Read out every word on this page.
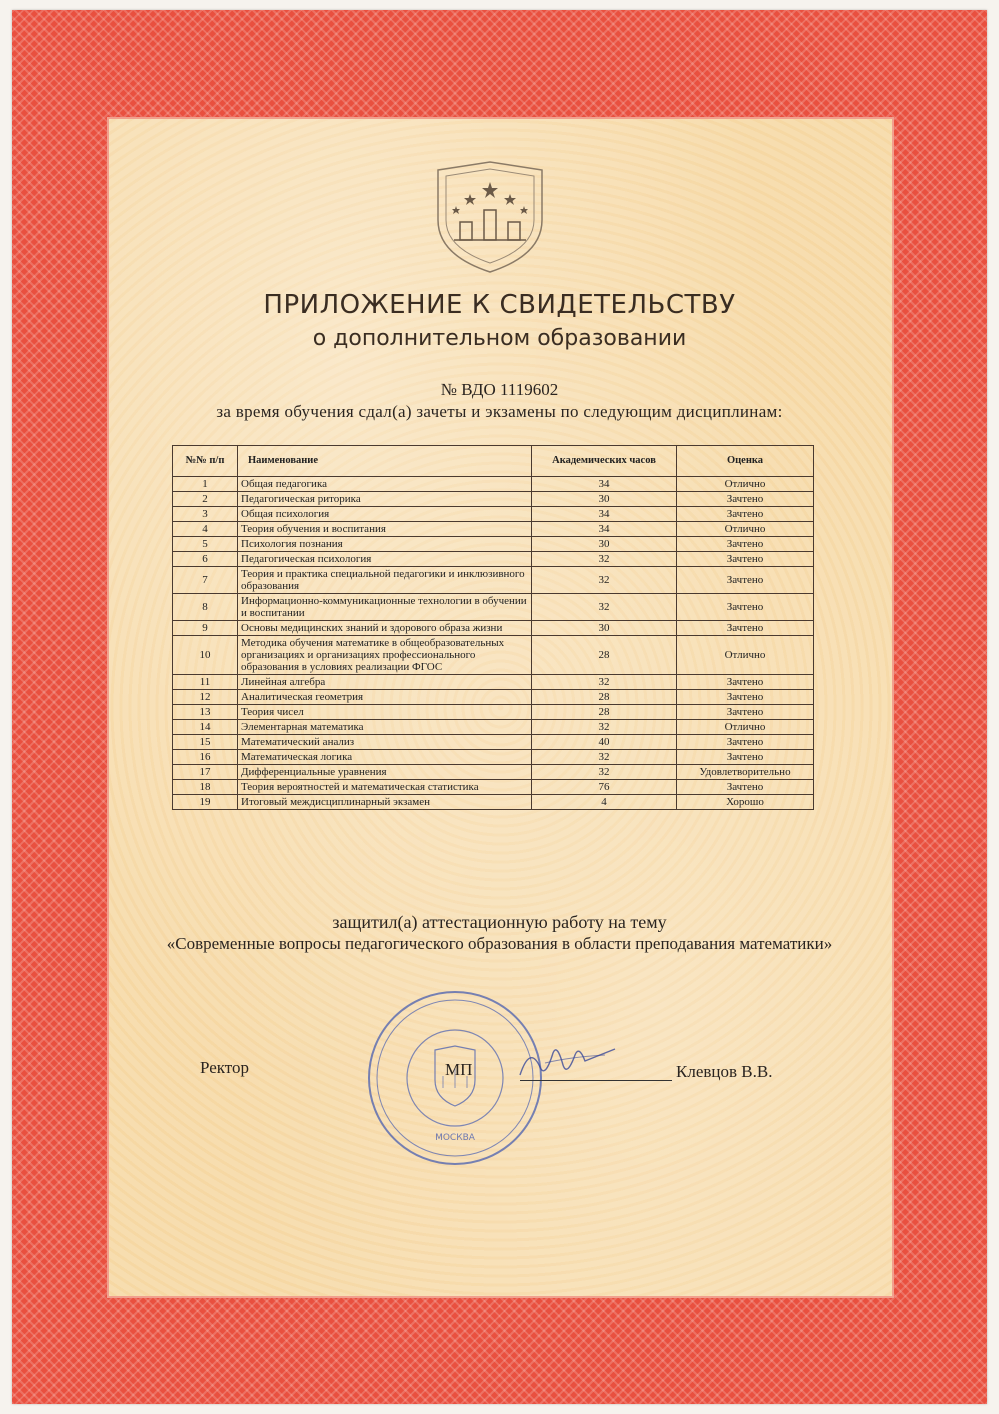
ПРИЛОЖЕНИЕ К СВИДЕТЕЛЬСТВУ
о дополнительном образовании
№ ВДО 1119602
за время обучения сдал(а) зачеты и экзамены по следующим дисциплинам:
№№ п/п	Наименование	Академических часов	Оценка
1	Общая педагогика	34	Отлично
2	Педагогическая риторика	30	Зачтено
3	Общая психология	34	Зачтено
4	Теория обучения и воспитания	34	Отлично
5	Психология познания	30	Зачтено
6	Педагогическая психология	32	Зачтено
7	Теория и практика специальной педагогики и инклюзивного образования	32	Зачтено
8	Информационно-коммуникационные технологии в обучении и воспитании	32	Зачтено
9	Основы медицинских знаний и здорового образа жизни	30	Зачтено
10	Методика обучения математике в общеобразовательных организациях и организациях профессионального образования в условиях реализации ФГОС	28	Отлично
11	Линейная алгебра	32	Зачтено
12	Аналитическая геометрия	28	Зачтено
13	Теория чисел	28	Зачтено
14	Элементарная математика	32	Отлично
15	Математический анализ	40	Зачтено
16	Математическая логика	32	Зачтено
17	Дифференциальные уравнения	32	Удовлетворительно
18	Теория вероятностей и математическая статистика	76	Зачтено
19	Итоговый междисциплинарный экзамен	4	Хорошо
защитил(а) аттестационную работу на тему
«Современные вопросы педагогического образования в области преподавания математики»
МОСКВА
Ректор	МП	Клевцов В.В.
